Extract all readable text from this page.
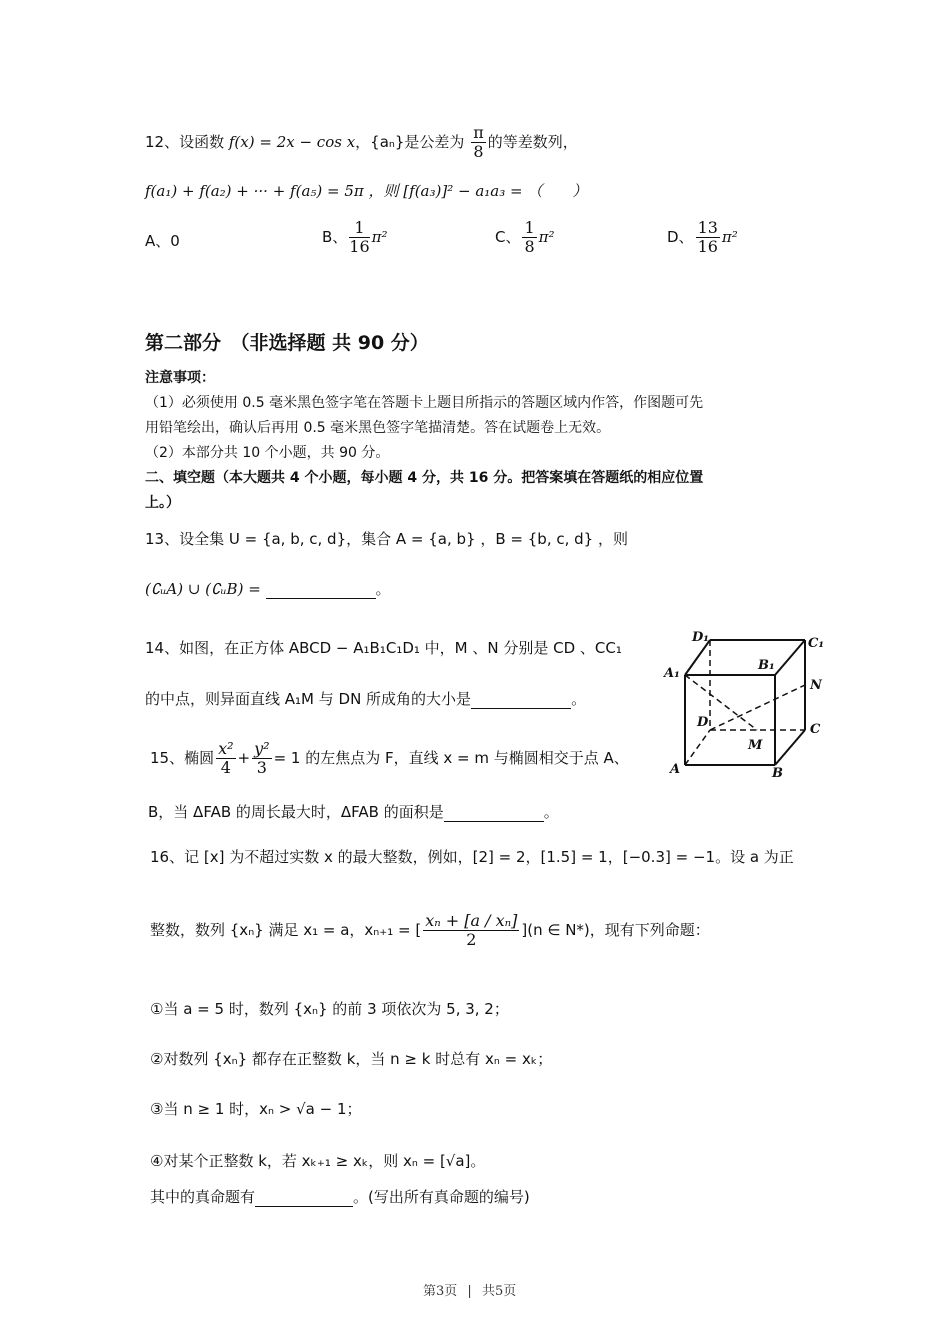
12、设函数 f(x) = 2x − cos x，{aₙ}是公差为 $\frac{\pi}{8}$ 的等差数列，
f(a₁) + f(a₂) + ··· + f(a₅) = 5π ，则 [f(a₃)]² − a₁a₃ = （　　）
A、0	B、 $\frac{1}{16} \pi^2$	C、 $\frac{1}{8} \pi^2$	D、 $\frac{13}{16} \pi^2$
第二部分　（非选择题 共 90 分）
注意事项：
（1）必须使用 0.5 毫米黑色签字笔在答题卡上题目所指示的答题区域内作答，作图题可先
用铅笔绘出，确认后再用 0.5 毫米黑色签字笔描清楚。答在试题卷上无效。
（2）本部分共 10 个小题，共 90 分。
二、填空题（本大题共 4 个小题，每小题 4 分，共 16 分。把答案填在答题纸的相应位置
上。）
13、设全集 U = {a, b, c, d}，集合 A = {a, b} ，B = {b, c, d} ，则
(∁ᵤA) ∪ (∁ᵤB) =	。
14、如图，在正方体 ABCD − A₁B₁C₁D₁ 中，M 、N 分别是 CD 、CC₁
的中点，则异面直线 A₁M 与 DN 所成角的大小是	。
D₁	C₁
A₁
B₁
N
D	C
M
A	B
15、椭圆 $\frac{\text{x²}}{4} + \frac{\text{y²}}{3} = 1$ 的左焦点为 F，直线 x = m 与椭圆相交于点 A、
B，当 ΔFAB 的周长最大时，ΔFAB 的面积是	。
16、记 [x] 为不超过实数 x 的最大整数，例如，[2] = 2，[1.5] = 1，[−0.3] = −1。设 a 为正
整数，数列 {xₙ} 满足 x₁ = a，xₙ₊₁ = [ $\frac{\text{xₙ + [a / xₙ]}}{2} ](n$ ∈ N*)，现有下列命题：
①当 a = 5 时，数列 {xₙ} 的前 3 项依次为 5, 3, 2；
②对数列 {xₙ} 都存在正整数 k，当 n ≥ k 时总有 xₙ = xₖ；
③当 n ≥ 1 时，xₙ > √a − 1；
④对某个正整数 k，若 xₖ₊₁ ≥ xₖ，则 xₙ = [√a]。
其中的真命题有	。(写出所有真命题的编号)
第3页 | 共5页
